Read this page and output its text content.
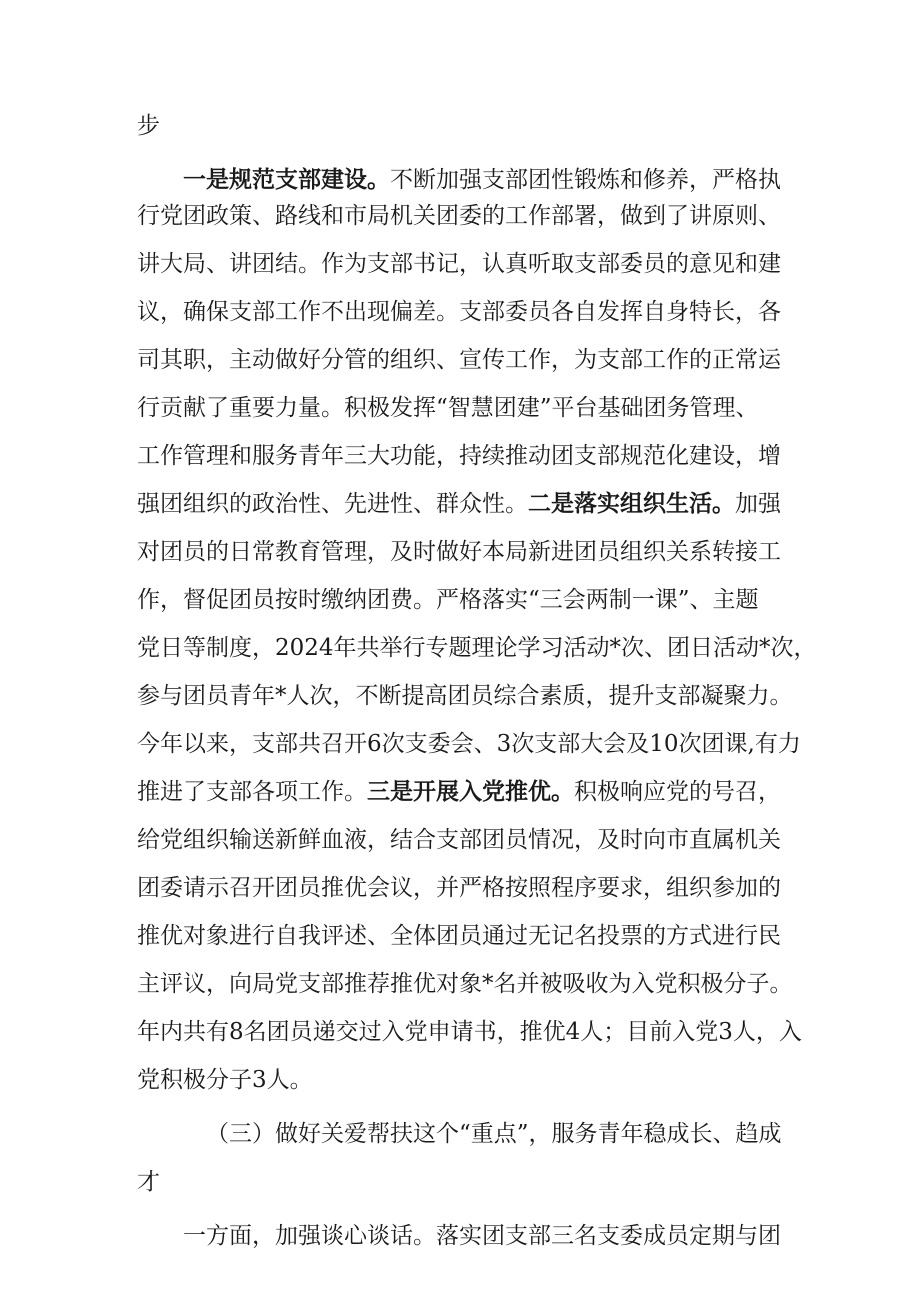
步

一是规范支部建设。不断加强支部团性锻炼和修养，严格执

行党团政策、路线和市局机关团委的工作部署，做到了讲原则、

讲大局、讲团结。作为支部书记，认真听取支部委员的意见和建

议，确保支部工作不出现偏差。支部委员各自发挥自身特长，各

司其职，主动做好分管的组织、宣传工作，为支部工作的正常运

行贡献了重要力量。积极发挥“智慧团建”平台基础团务管理、

工作管理和服务青年三大功能，持续推动团支部规范化建设，增

强团组织的政治性、先进性、群众性。二是落实组织生活。加强

对团员的日常教育管理，及时做好本局新进团员组织关系转接工

作，督促团员按时缴纳团费。严格落实“三会两制一课”、主题

党日等制度，2024年共举行专题理论学习活动*次、团日活动*次，

参与团员青年*人次，不断提高团员综合素质，提升支部凝聚力。

今年以来，支部共召开6次支委会、3次支部大会及10次团课,有力

推进了支部各项工作。三是开展入党推优。积极响应党的号召，

给党组织输送新鲜血液，结合支部团员情况，及时向市直属机关

团委请示召开团员推优会议，并严格按照程序要求，组织参加的

推优对象进行自我评述、全体团员通过无记名投票的方式进行民

主评议，向局党支部推荐推优对象*名并被吸收为入党积极分子。

年内共有8名团员递交过入党申请书，推优4人；目前入党3人，入

党积极分子3人。

（三）做好关爱帮扶这个“重点”，服务青年稳成长、趋成

才

一方面，加强谈心谈话。落实团支部三名支委成员定期与团
